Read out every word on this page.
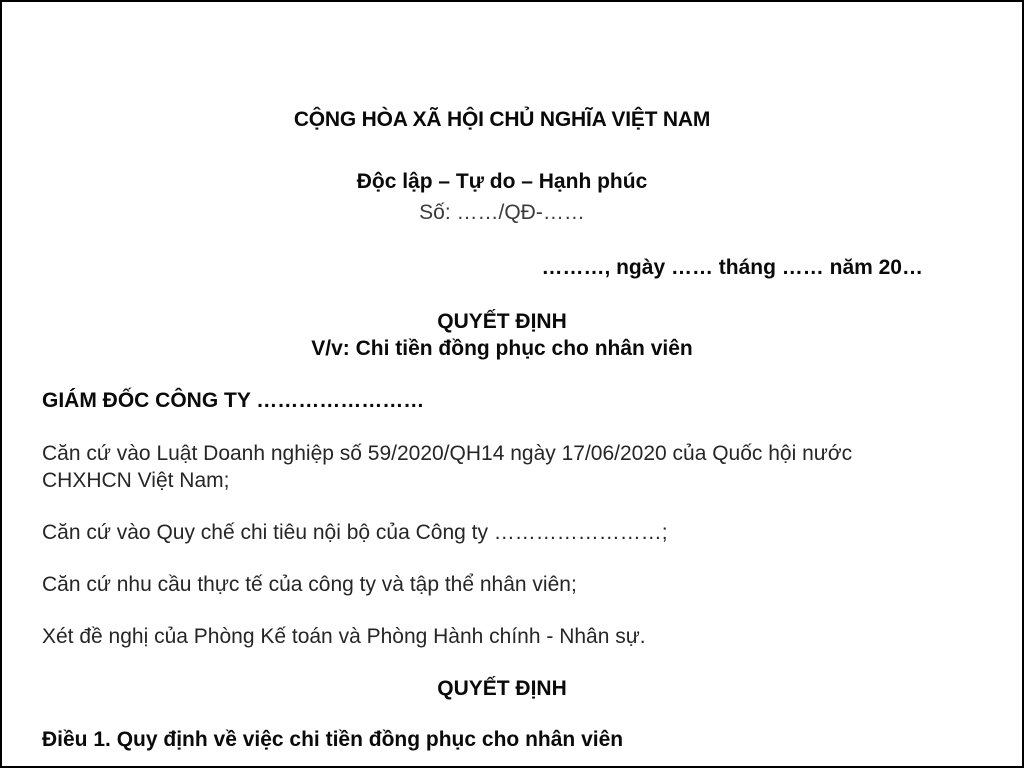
CỘNG HÒA XÃ HỘI CHỦ NGHĨA VIỆT NAM
Độc lập – Tự do – Hạnh phúc
Số: ……/QĐ-……
………, ngày …… tháng …… năm 20…
QUYẾT ĐỊNH
V/v: Chi tiền đồng phục cho nhân viên
GIÁM ĐỐC CÔNG TY ……………………

Căn cứ vào Luật Doanh nghiệp số 59/2020/QH14 ngày 17/06/2020 của Quốc hội nước
CHXHCN Việt Nam;

Căn cứ vào Quy chế chi tiêu nội bộ của Công ty ……………………;

Căn cứ nhu cầu thực tế của công ty và tập thể nhân viên;

Xét đề nghị của Phòng Kế toán và Phòng Hành chính - Nhân sự.

QUYẾT ĐỊNH
Điều 1. Quy định về việc chi tiền đồng phục cho nhân viên
